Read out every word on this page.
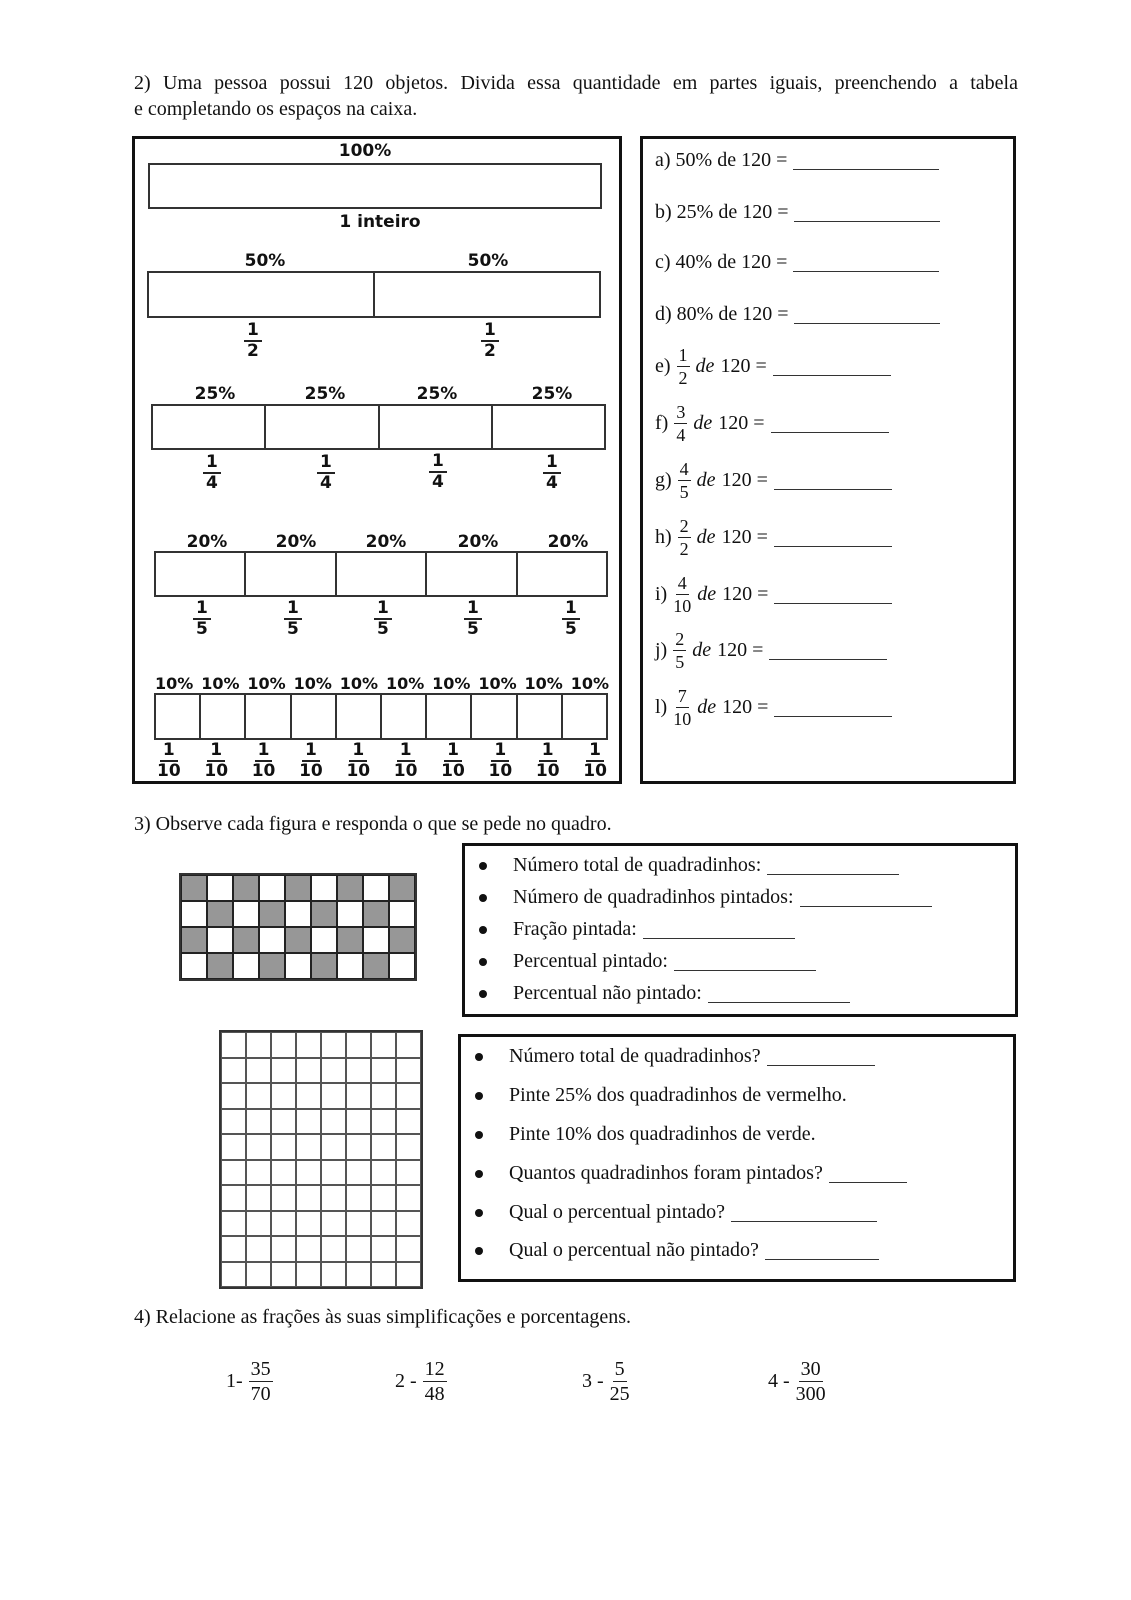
2) Uma pessoa possui 120 objetos. Divida essa quantidade em partes iguais, preenchendo a tabela
e completando os espaços na caixa.
100%
1 inteiro
50%	50%
$\frac{1}{2}$	$\frac{1}{2}$
25%	25%	25%	25%
$\frac{1}{4}$	$\frac{1}{4}$	$\frac{1}{4}$	$\frac{1}{4}$
20%	20%	20%	20%	20%
$\frac{1}{5}$	$\frac{1}{5}$	$\frac{1}{5}$	$\frac{1}{5}$	$\frac{1}{5}$
10% 10% 10% 10% 10% 10% 10% 10% 10% 10%
$\frac{1}{10} \frac{1}{10} \frac{1}{10} \frac{1}{10} \frac{1}{10} \frac{1}{10} \frac{1}{10} \frac{1}{10} \frac{1}{10} \frac{1}{10}$
a) 50% de 120 =
b) 25% de 120 =
c) 40% de 120 =
d) 80% de 120 =
$e) \frac{1}{2}$ de 120 =
$f) \frac{3}{4}$ de 120 =
$g) \frac{4}{5}$ de 120 =
$h) \frac{2}{2}$ de 120 =
$i) \frac{4}{10}$ de 120 =
$j) \frac{2}{5}$ de 120 =
$l) \frac{7}{10}$ de 120 =
3) Observe cada figura e responda o que se pede no quadro.
Número total de quadradinhos:
Número de quadradinhos pintados:
Fração pintada:
Percentual pintado:
Percentual não pintado:
Número total de quadradinhos?
Pinte 25% dos quadradinhos de vermelho.
Pinte 10% dos quadradinhos de verde.
Quantos quadradinhos foram pintados?
Qual o percentual pintado?
Qual o percentual não pintado?
4) Relacione as frações às suas simplificações e porcentagens.
$1- \frac{35}{70}$	$2 - \frac{12}{48}$	$3 - \frac{5}{25}$	$4 - \frac{30}{300}$
